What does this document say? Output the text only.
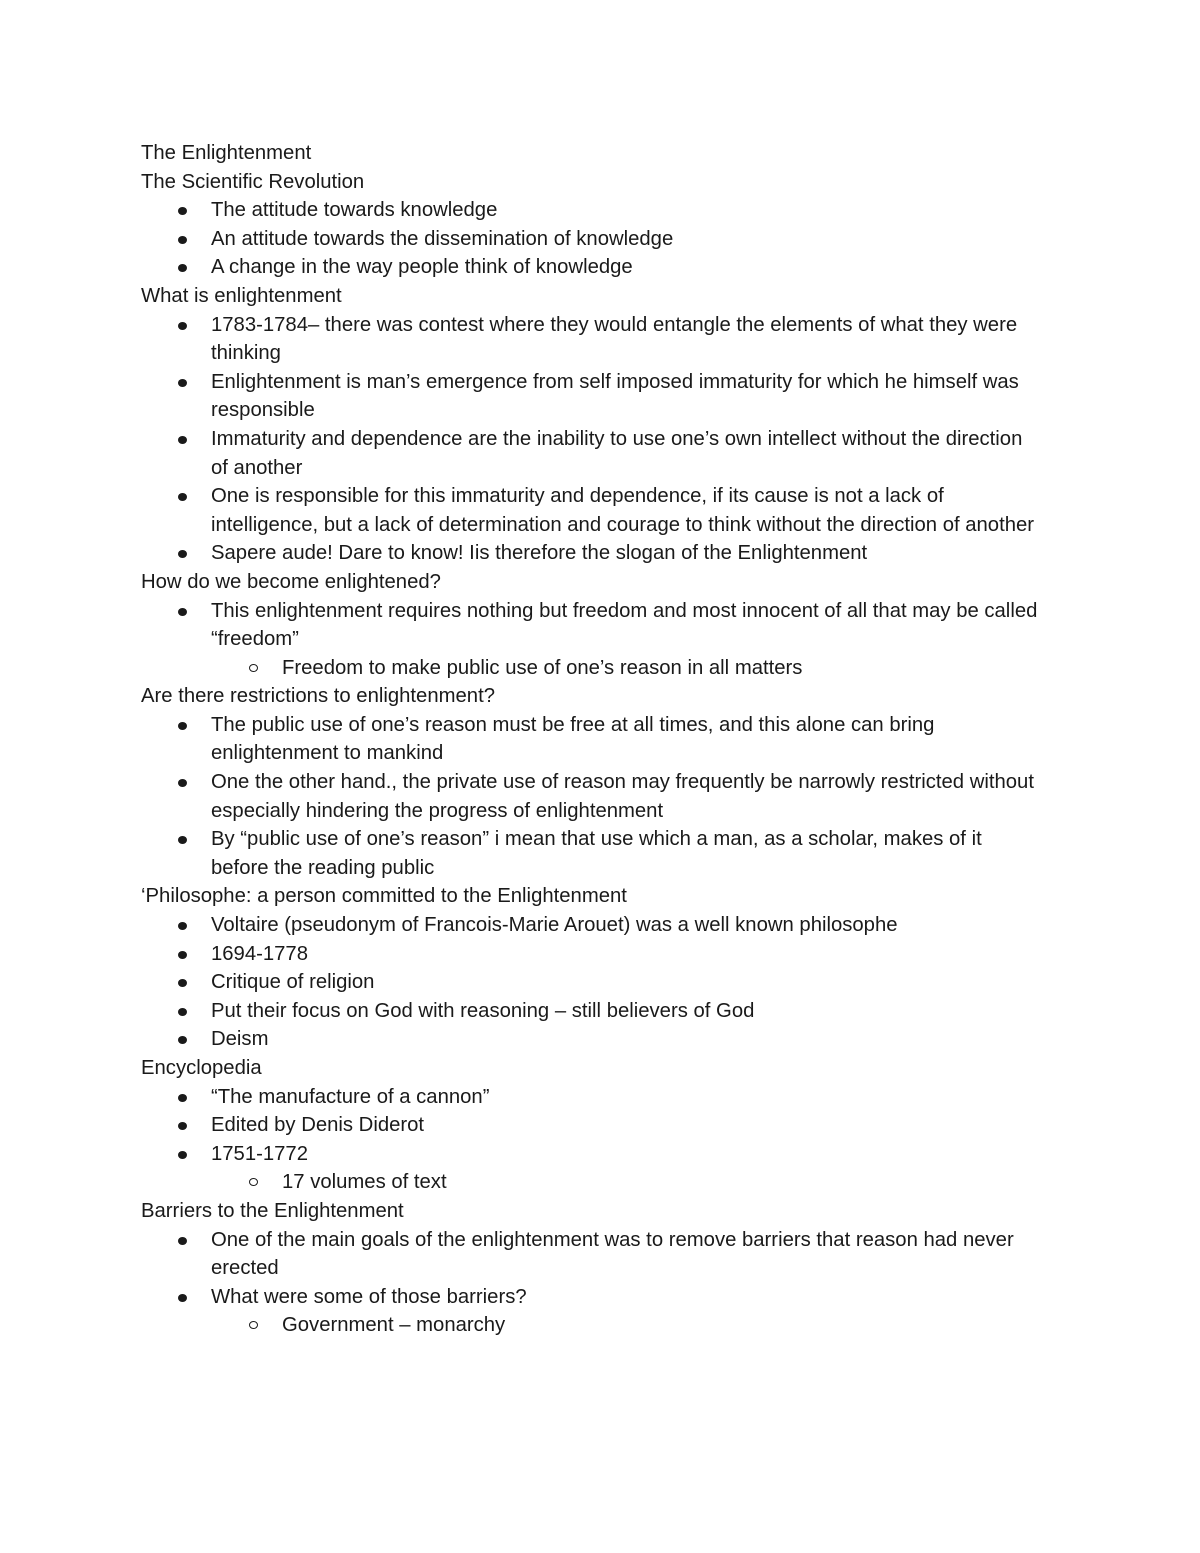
The Enlightenment
The Scientific Revolution
The attitude towards knowledge
An attitude towards the dissemination of knowledge
A change in the way people think of knowledge
What is enlightenment
1783-1784– there was contest where they would entangle the elements of what they were thinking
Enlightenment is man’s emergence from self imposed immaturity for which he himself was responsible
Immaturity and dependence are the inability to use one’s own intellect without the direction of another
One is responsible for this immaturity and dependence, if its cause is not a lack of intelligence, but a lack of determination and courage to think without the direction of another
Sapere aude! Dare to know! Iis therefore the slogan of the Enlightenment
How do we become enlightened?
This enlightenment requires nothing but freedom and most innocent of all that may be called “freedom”
Freedom to make public use of one’s reason in all matters
Are there restrictions to enlightenment?
The public use of one’s reason must be free at all times, and this alone can bring enlightenment to mankind
One the other hand., the private use of reason may frequently be narrowly restricted without especially hindering the progress of enlightenment
By “public use of one’s reason” i mean that use which a man, as a scholar, makes of it before the reading public
‘Philosophe: a person committed to the Enlightenment
Voltaire (pseudonym of Francois-Marie Arouet) was a well known philosophe
1694-1778
Critique of religion
Put their focus on God with reasoning – still believers of God
Deism
Encyclopedia
“The manufacture of a cannon”
Edited by Denis Diderot
1751-1772
17 volumes of text
Barriers to the Enlightenment
One of the main goals of the enlightenment was to remove barriers that reason had never erected
What were some of those barriers?
Government – monarchy
